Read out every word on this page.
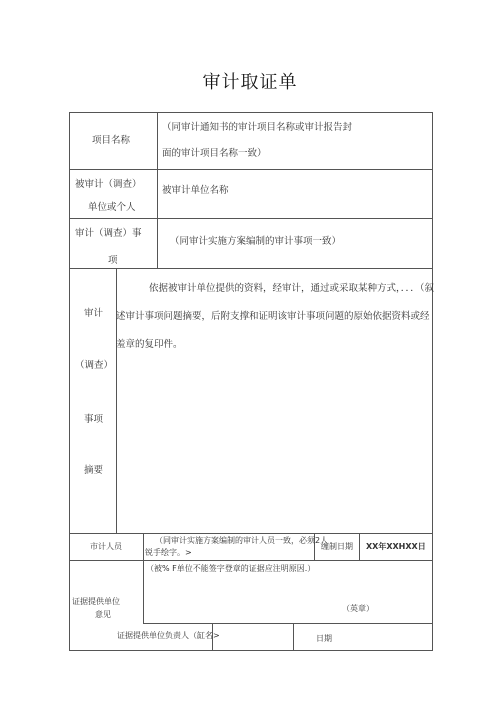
审计取证单
项目名称
（同审计通知书的审计项目名称或审计报告封
面的审计项目名称一致）
被审计（调查）
单位或个人
被审计单位名称
审计（调查）事
项
（同审计实施方案编制的审计事项一致）
审计
（调查）
事项
摘要
依据被审计单位提供的资料，经审计，通过或采取某种方式，．．．（叙述审计事项问题摘要，后附支撑和证明该审计事项问题的原始依据资料或经羞章的复印件。
市计人员
（同审计实施方案编制的审计人员一致，必须2人
锐手绘字。>
缠制日期 XX年XXHXX日
证据提供单位
意见
（被% F单位不能签字登章的证据应注明原因.）
（英章）
证据提供单位负责人（缸名>	日期
